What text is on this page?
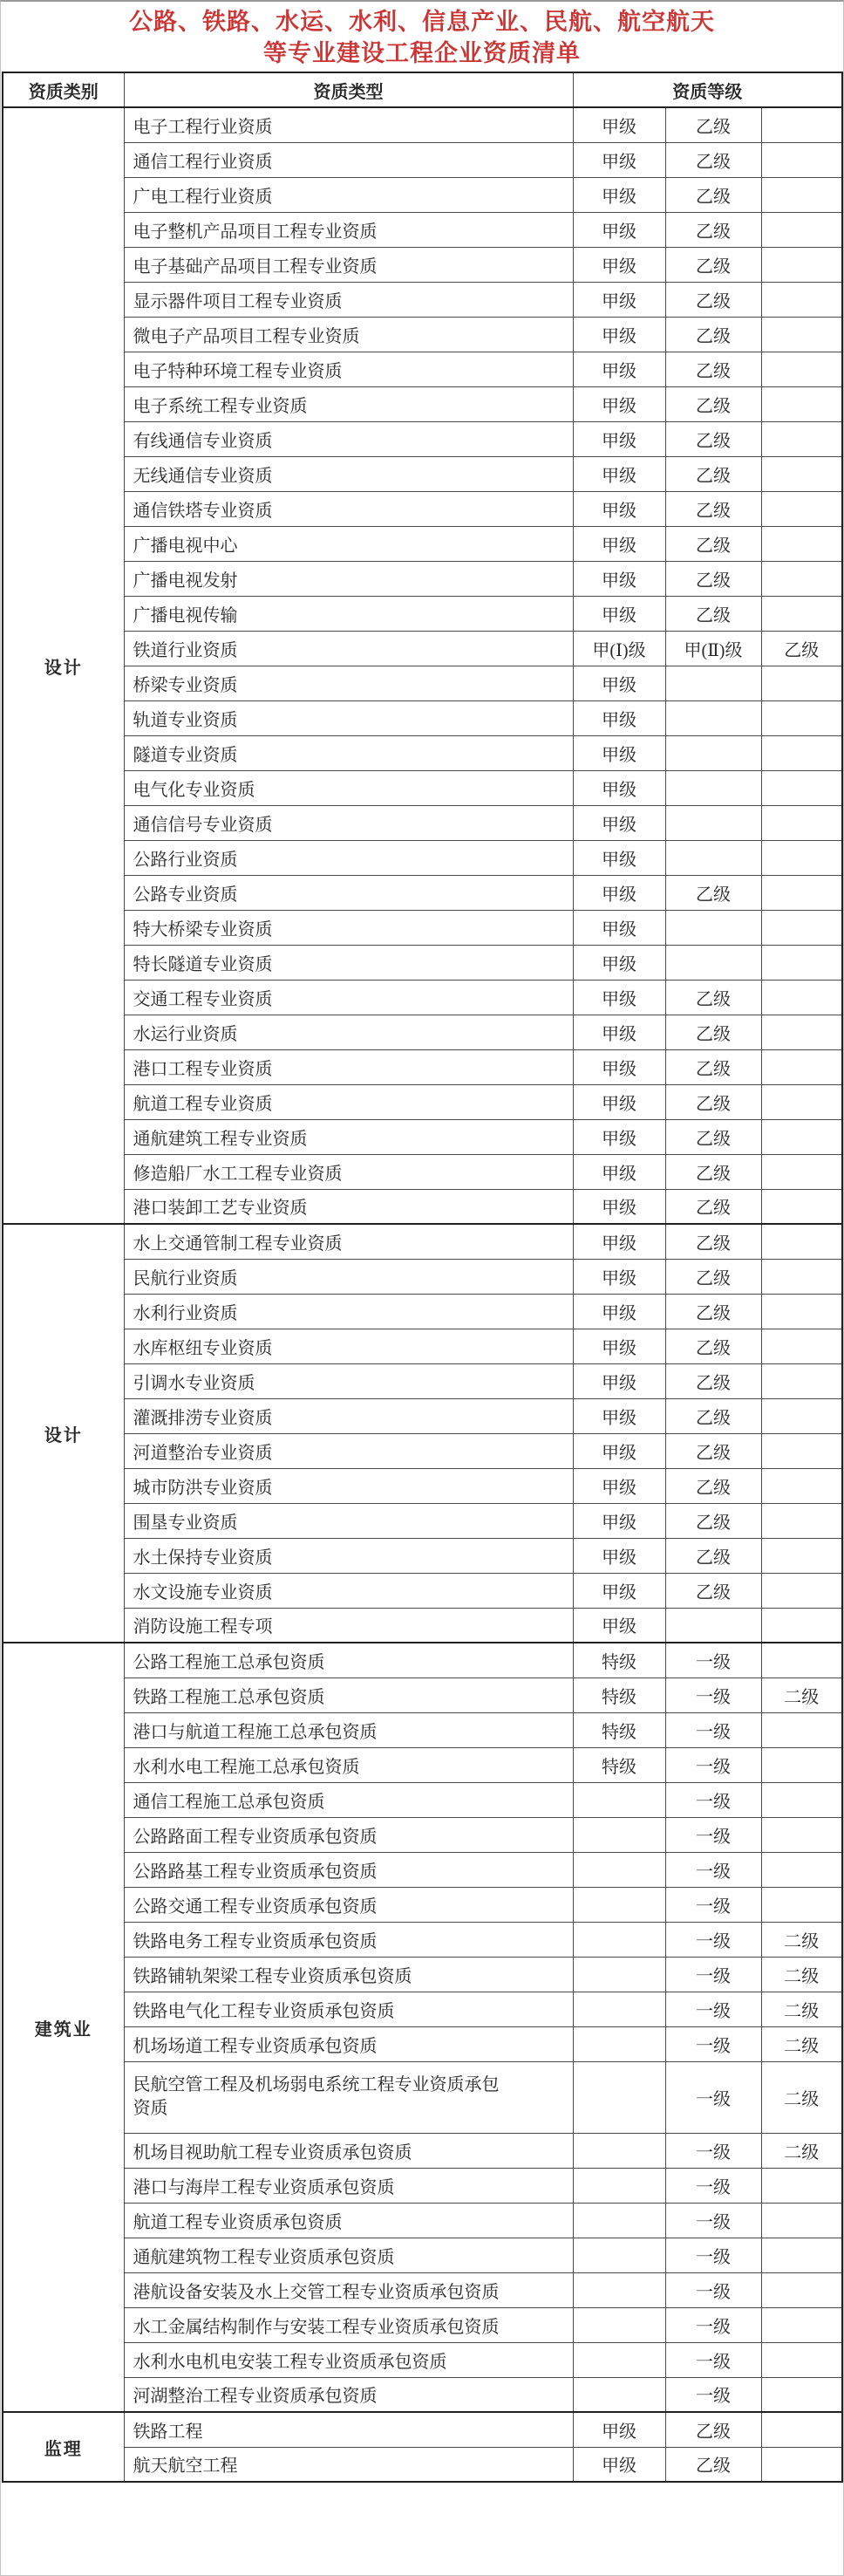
公路、铁路、水运、水利、信息产业、民航、航空航天
等专业建设工程企业资质清单
资质类别	资质类型	资质等级		
设计	电子工程行业资质	甲级	乙级	
	通信工程行业资质	甲级	乙级	
	广电工程行业资质	甲级	乙级	
	电子整机产品项目工程专业资质	甲级	乙级	
	电子基础产品项目工程专业资质	甲级	乙级	
	显示器件项目工程专业资质	甲级	乙级	
	微电子产品项目工程专业资质	甲级	乙级	
	电子特种环境工程专业资质	甲级	乙级	
	电子系统工程专业资质	甲级	乙级	
	有线通信专业资质	甲级	乙级	
	无线通信专业资质	甲级	乙级	
	通信铁塔专业资质	甲级	乙级	
	广播电视中心	甲级	乙级	
	广播电视发射	甲级	乙级	
	广播电视传输	甲级	乙级	
	铁道行业资质	甲(Ⅰ)级	甲(Ⅱ)级	乙级
	桥梁专业资质	甲级		
	轨道专业资质	甲级		
	隧道专业资质	甲级		
	电气化专业资质	甲级		
	通信信号专业资质	甲级		
	公路行业资质	甲级		
	公路专业资质	甲级	乙级	
	特大桥梁专业资质	甲级		
	特长隧道专业资质	甲级		
	交通工程专业资质	甲级	乙级	
	水运行业资质	甲级	乙级	
	港口工程专业资质	甲级	乙级	
	航道工程专业资质	甲级	乙级	
	通航建筑工程专业资质	甲级	乙级	
	修造船厂水工工程专业资质	甲级	乙级	
	港口装卸工艺专业资质	甲级	乙级	
设计	水上交通管制工程专业资质	甲级	乙级	
	民航行业资质	甲级	乙级	
	水利行业资质	甲级	乙级	
	水库枢纽专业资质	甲级	乙级	
	引调水专业资质	甲级	乙级	
	灌溉排涝专业资质	甲级	乙级	
	河道整治专业资质	甲级	乙级	
	城市防洪专业资质	甲级	乙级	
	围垦专业资质	甲级	乙级	
	水土保持专业资质	甲级	乙级	
	水文设施专业资质	甲级	乙级	
	消防设施工程专项	甲级		
建筑业	公路工程施工总承包资质	特级	一级	
	铁路工程施工总承包资质	特级	一级	二级
	港口与航道工程施工总承包资质	特级	一级	
	水利水电工程施工总承包资质	特级	一级	
	通信工程施工总承包资质		一级	
	公路路面工程专业资质承包资质		一级	
	公路路基工程专业资质承包资质		一级	
	公路交通工程专业资质承包资质		一级	
	铁路电务工程专业资质承包资质		一级	二级
	铁路铺轨架梁工程专业资质承包资质		一级	二级
	铁路电气化工程专业资质承包资质		一级	二级
	机场场道工程专业资质承包资质		一级	二级
	民航空管工程及机场弱电系统工程专业资质承包资质		一级	二级
	机场目视助航工程专业资质承包资质		一级	二级
	港口与海岸工程专业资质承包资质		一级	
	航道工程专业资质承包资质		一级	
	通航建筑物工程专业资质承包资质		一级	
	港航设备安装及水上交管工程专业资质承包资质		一级	
	水工金属结构制作与安装工程专业资质承包资质		一级	
	水利水电机电安装工程专业资质承包资质		一级	
	河湖整治工程专业资质承包资质		一级	
监理	铁路工程	甲级	乙级	
	航天航空工程	甲级	乙级	
